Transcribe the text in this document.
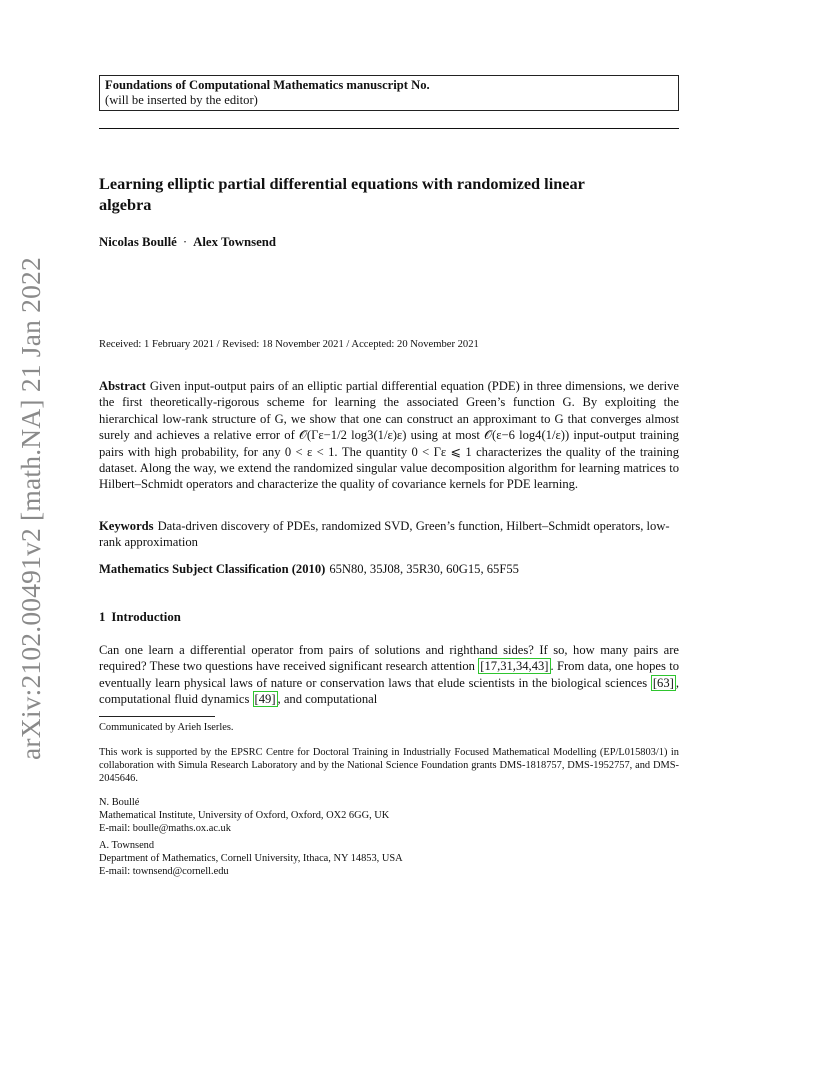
arXiv:2102.00491v2 [math.NA] 21 Jan 2022
Foundations of Computational Mathematics manuscript No.
(will be inserted by the editor)
Learning elliptic partial differential equations with randomized linear
algebra
Nicolas Boullé · Alex Townsend
Received: 1 February 2021 / Revised: 18 November 2021 / Accepted: 20 November 2021
Abstract Given input-output pairs of an elliptic partial differential equation (PDE) in three dimensions, we derive the first theoretically-rigorous scheme for learning the associated Green’s function G. By exploiting the hierarchical low-rank structure of G, we show that one can construct an approximant to G that converges almost surely and achieves a relative error of 𝒪(Γε−1/2 log3(1/ε)ε) using at most 𝒪(ε−6 log4(1/ε)) input-output training pairs with high probability, for any 0 < ε < 1. The quantity 0 < Γε ⩽ 1 characterizes the quality of the training dataset. Along the way, we extend the randomized singular value decomposition algorithm for learning matrices to Hilbert–Schmidt operators and characterize the quality of covariance kernels for PDE learning.
Keywords Data-driven discovery of PDEs, randomized SVD, Green’s function, Hilbert–Schmidt operators, low-rank approximation
Mathematics Subject Classification (2010) 65N80, 35J08, 35R30, 60G15, 65F55
1 Introduction
Can one learn a differential operator from pairs of solutions and righthand sides? If so, how many pairs are required? These two questions have received significant research attention [17,31,34,43] . From data, one hopes to eventually learn physical laws of nature or conservation laws that elude scientists in the biological sciences [63] , computational fluid dynamics [49] , and computational
Communicated by Arieh Iserles.
This work is supported by the EPSRC Centre for Doctoral Training in Industrially Focused Mathematical Modelling (EP/L015803/1) in collaboration with Simula Research Laboratory and by the National Science Foundation grants DMS-1818757, DMS-1952757, and DMS-2045646.
N. Boullé
Mathematical Institute, University of Oxford, Oxford, OX2 6GG, UK
E-mail: boulle@maths.ox.ac.uk
A. Townsend
Department of Mathematics, Cornell University, Ithaca, NY 14853, USA
E-mail: townsend@cornell.edu
